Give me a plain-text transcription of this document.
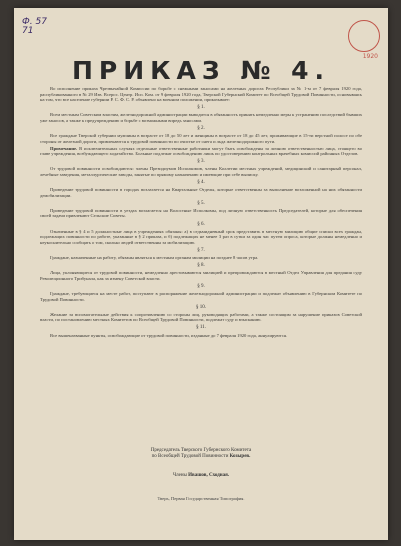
Ф. 57
71
1920
ПРИКАЗ № 4.

Во исполнение приказа Чрезвычайной Комиссии по борьбе с снежными заносами на железных дорогах Республики за № 1-м от 7 февраля 1920 года, распубликованного в № 29 Изв. Всерос. Центр. Исп. Ком. от 9 февраля 1920 года, Тверской Губернский Комитет по Всеобщей Трудовой Повинности, основываясь на том, что все население губернии Р. С. Ф. С. Р. объявлено на военном положении, приказывает:

§ 1.

Всем местным Советским властям, железнодорожной администрации выводится в обязанность принять немедленно меры к устранению последствий бывших уже заносов, а также к предупреждению и борьбе с возможными впредь заносами.

§ 2.

Все граждане Тверской губернии мужчины в возрасте от 18 до 50 лет и женщины в возрасте от 18 до 45 лет, проживающие в 15-ти верстной полосе по обе стороны от железной дороги, привлекаются к трудовой повинности по очистке от снега и льда железнодорожного пути.

Примечание. В исключительных случаях отдельные ответственные работники могут быть освобождены за личною ответственностью лица, стоящего во главе учреждения, возбуждающего ходатайство. Больные подлежат освобождению лишь по удостоверению контрольных врачебных комиссий районных Отделов.

§ 3.

От трудовой повинности освобождаются: члены Президиумов Исполкомов, члены Коллегии местных учреждений, медицинский и санитарный персонал, лечебные заведения, металлургические заводы, занятые по прямому назначению и имеющие при себе выписку.

§ 4.

Проведение трудовой повинности в городах возлагается на Квартальные Отделы, которые ответственны за выполнение возложенной на них обязанности демобилизации.

§ 5.

Проведение трудовой повинности в уездах возлагается на Волостные Исполкомы, под личную ответственность Председателей, которые для обеспечения своей задачи привлекают Сельские Советы.

§ 6.

Означенные в § 4 и 5 должностные лица в учреждениях обязаны: а) в седьмидневный срок представить в местную милицию общие списки всех граждан, подлежащих повинности по работе, указанные в § 2 приказа, и б) подлежащих не менее 3 раз в сутки за один час путем опроса, которые должны немедленно и неукоснительно сообщать о том, сколько людей ответственны за мобилизацию.

§ 7.

Граждане, назначенные на работу, обязаны являться к местным органам милиции на позднее 8 часов утра.

§ 8.

Лица, уклоняющиеся от трудовой повинности, немедленно арестовываются милицией и препровождаются в местный Отдел Управления для предания суду Революционного Трибунала, как за измену Советской власти.

§ 9.

Граждане, требующиеся на месте работ, поступают в распоряжение железнодорожной администрации и подлежат объявлению в Губернском Комитете по Трудовой Повинности.

§ 10.

Желание за вспомогательные действия к сопротивлению со стороны лиц, руководящих работами, а также состоящим за нарушение приказов Советской власти, по постановлению местных Комитетов по Всеобщей Трудовой Повинности, подлежат суду и взысканию.

§ 11.

Все вышеназванные пункты, освобождающие от трудовой повинности, изданные до 7 февраля 1920 года, аннулируются.

Председатель Тверского Губернского Комитета
по Всеобщей Трудовой Повинности Козырев.
Члены Ивашов, Сходная.
Тверь, Первая Государственная Типография.
